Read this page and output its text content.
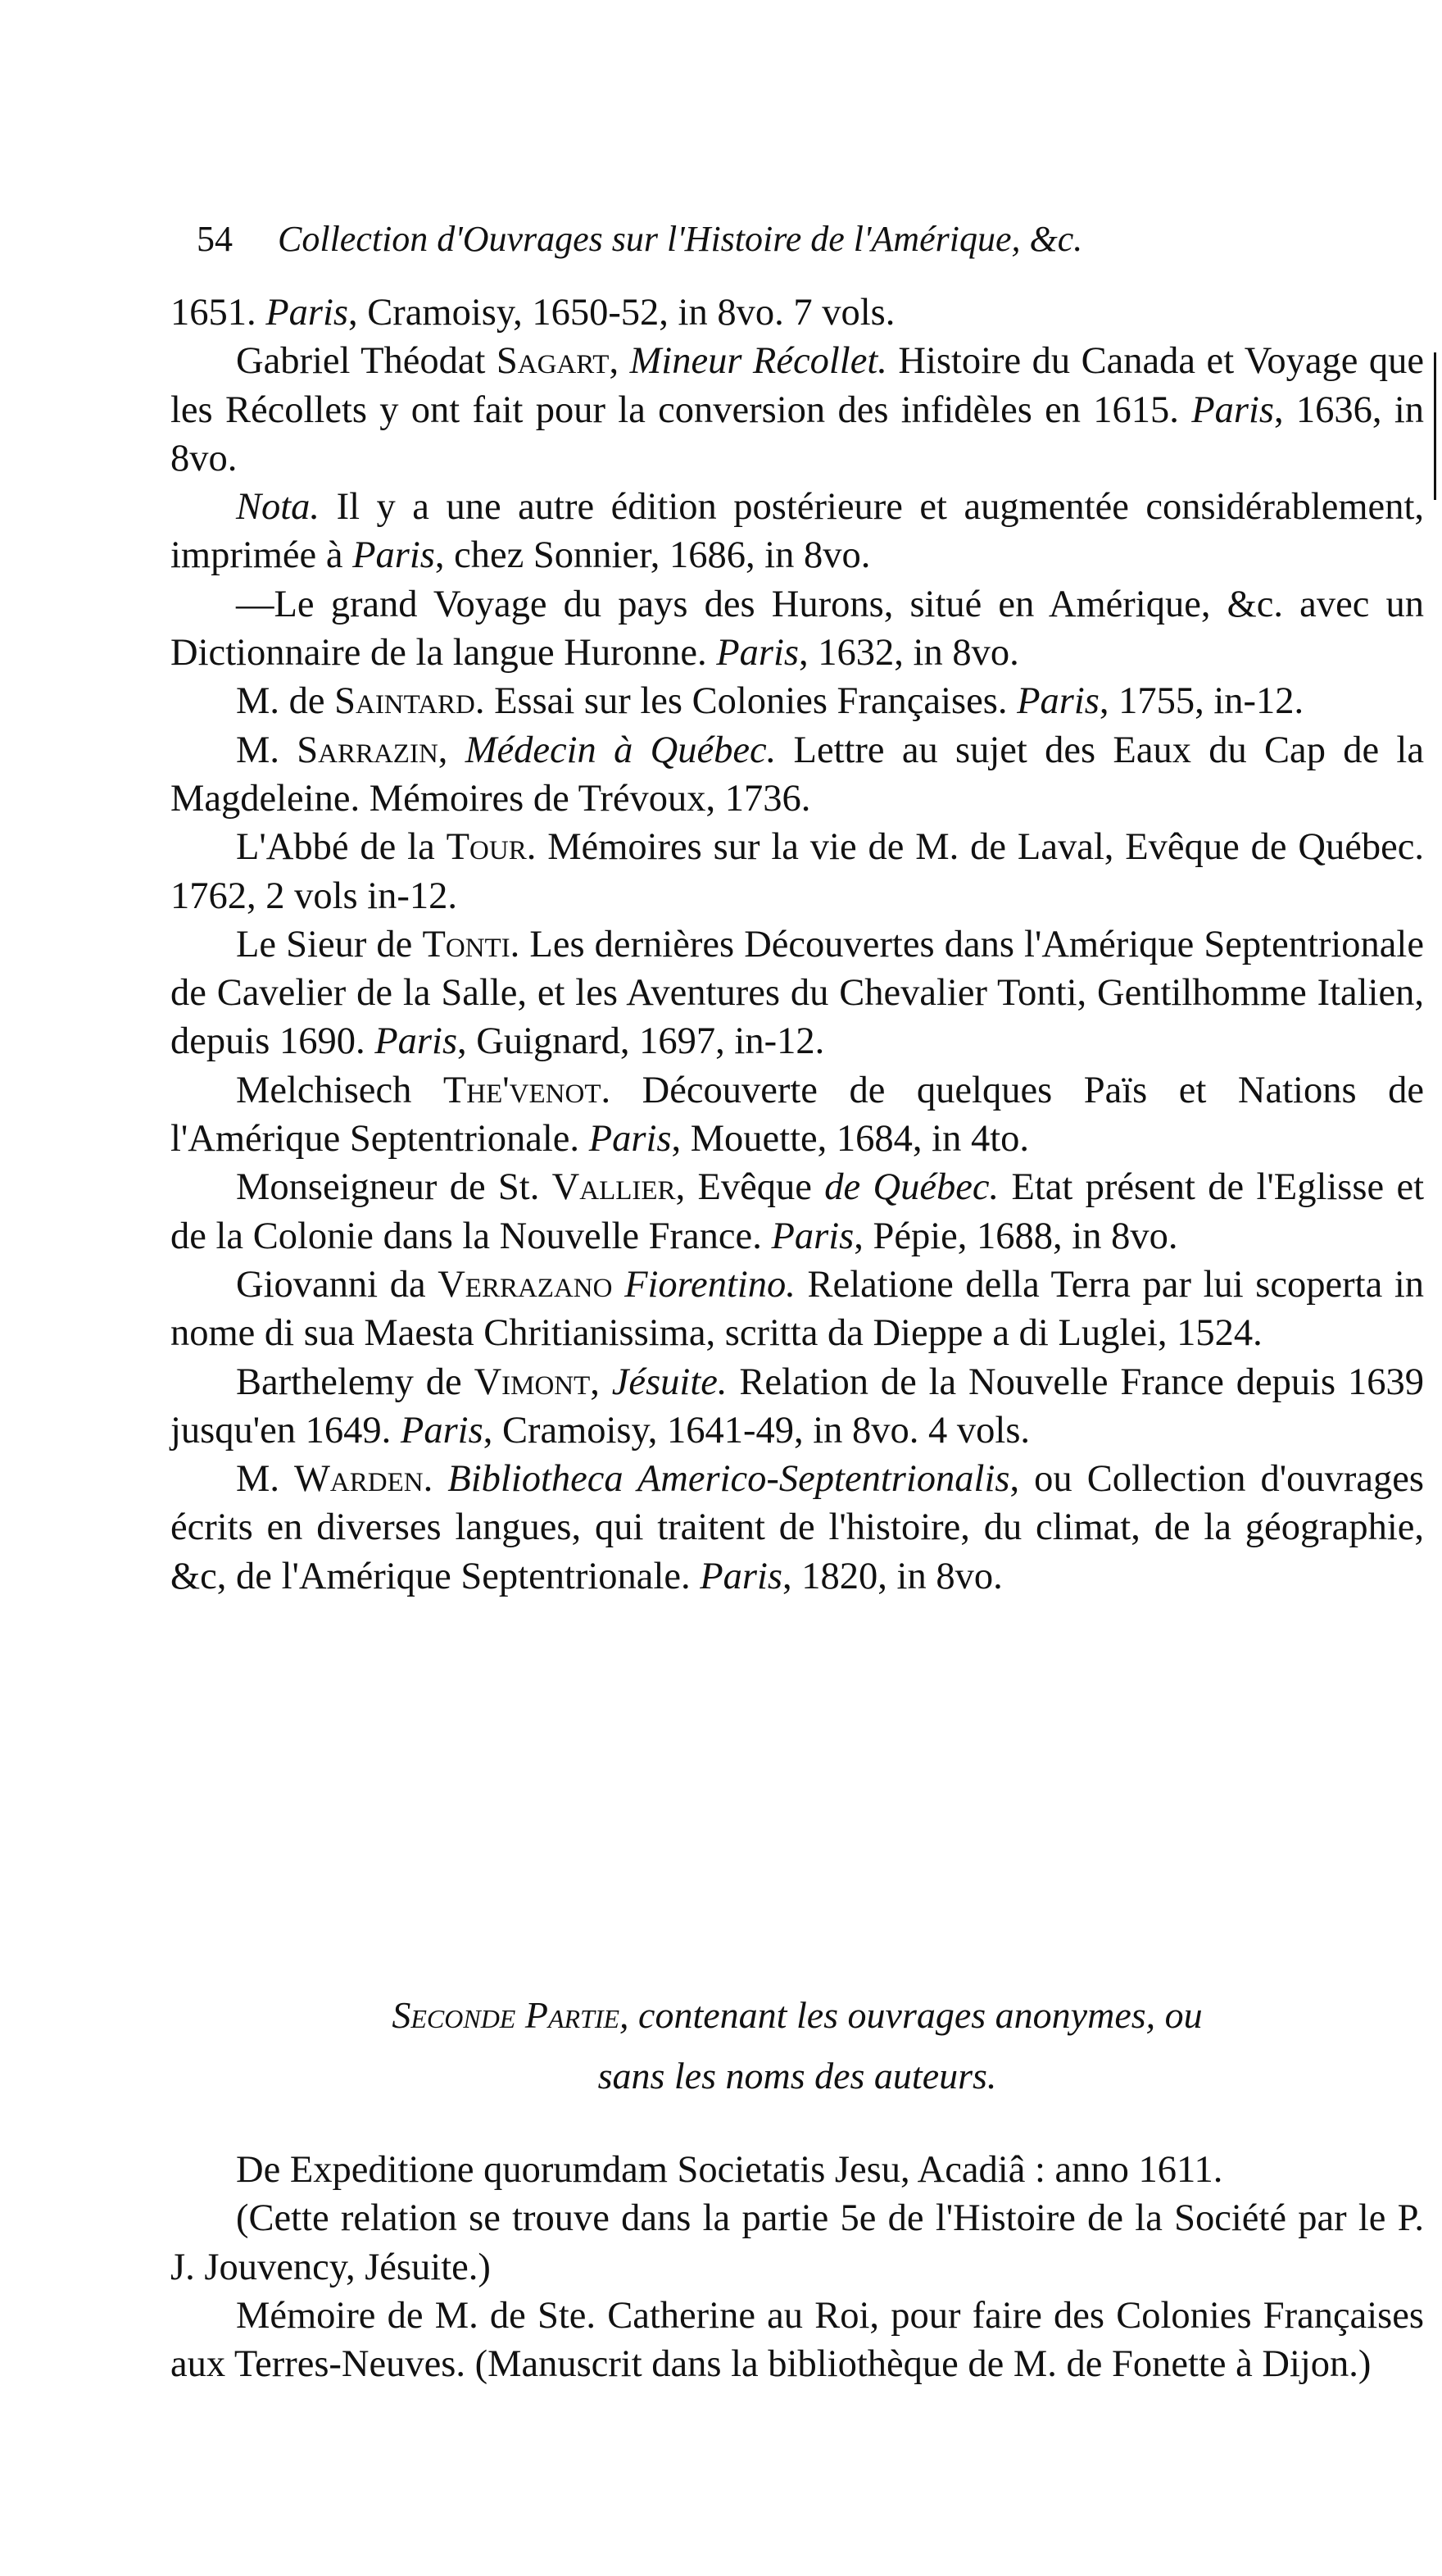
54 Collection d'Ouvrages sur l'Histoire de l'Amérique, &c.

1651. Paris, Cramoisy, 1650-52, in 8vo. 7 vols.

Gabriel Théodat Sagart, Mineur Récollet. Histoire du Canada et Voyage que les Récollets y ont fait pour la conversion des infidèles en 1615. Paris, 1636, in 8vo.

Nota. Il y a une autre édition postérieure et augmentée considérablement, imprimée à Paris, chez Sonnier, 1686, in 8vo.

—Le grand Voyage du pays des Hurons, situé en Amérique, &c. avec un Dictionnaire de la langue Huronne. Paris, 1632, in 8vo.

M. de Saintard. Essai sur les Colonies Françaises. Paris, 1755, in-12.

M. Sarrazin, Médecin à Québec. Lettre au sujet des Eaux du Cap de la Magdeleine. Mémoires de Trévoux, 1736.

L'Abbé de la Tour. Mémoires sur la vie de M. de Laval, Evêque de Québec. 1762, 2 vols in-12.

Le Sieur de Tonti. Les dernières Découvertes dans l'Amérique Septentrionale de Cavelier de la Salle, et les Aventures du Chevalier Tonti, Gentilhomme Italien, depuis 1690. Paris, Guignard, 1697, in-12.

Melchisech The'venot. Découverte de quelques Païs et Nations de l'Amérique Septentrionale. Paris, Mouette, 1684, in 4to.

Monseigneur de St. Vallier, Evêque de Québec. Etat présent de l'Eglisse et de la Colonie dans la Nouvelle France. Paris, Pépie, 1688, in 8vo.

Giovanni da Verrazano Fiorentino. Relatione della Terra par lui scoperta in nome di sua Maesta Chritianissima, scritta da Dieppe a di Luglei, 1524.

Barthelemy de Vimont, Jésuite. Relation de la Nouvelle France depuis 1639 jusqu'en 1649. Paris, Cramoisy, 1641-49, in 8vo. 4 vols.

M. Warden. Bibliotheca Americo-Septentrionalis, ou Collection d'ouvrages écrits en diverses langues, qui traitent de l'histoire, du climat, de la géographie, &c, de l'Amérique Septentrionale. Paris, 1820, in 8vo.

Seconde Partie, contenant les ouvrages anonymes, ou
sans les noms des auteurs.

De Expeditione quorumdam Societatis Jesu, Acadiâ : anno 1611.

(Cette relation se trouve dans la partie 5e de l'Histoire de la Société par le P. J. Jouvency, Jésuite.)

Mémoire de M. de Ste. Catherine au Roi, pour faire des Colonies Françaises aux Terres-Neuves. (Manuscrit dans la bibliothèque de M. de Fonette à Dijon.)
